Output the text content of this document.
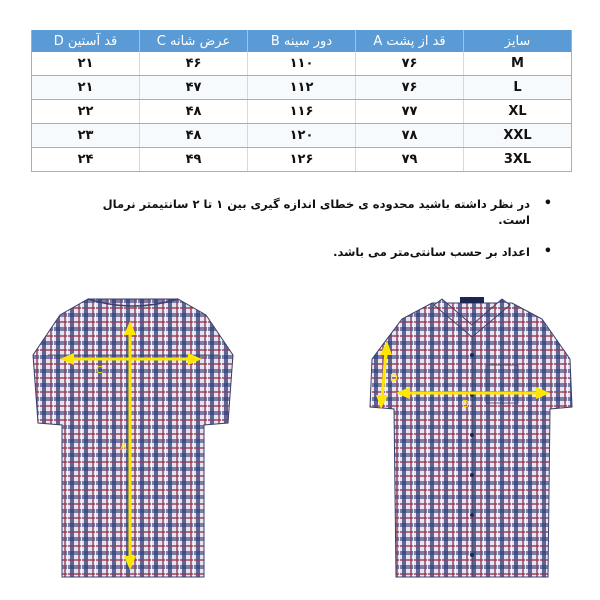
سایز	قد از پشت A	دور سینه B	عرض شانه C	قد آستین D
M	۷۶	۱۱۰	۴۶	۲۱
L	۷۶	۱۱۲	۴۷	۲۱
XL	۷۷	۱۱۶	۴۸	۲۲
XXL	۷۸	۱۲۰	۴۸	۲۳
3XL	۷۹	۱۲۶	۴۹	۲۴
•
در نظر داشته باشید محدوده ی خطای اندازه گیری بین ۱ تا ۲ سانتیمتر نرمال است.
•
اعداد بر حسب سانتی‌متر می باشد.
C
A
B
D
